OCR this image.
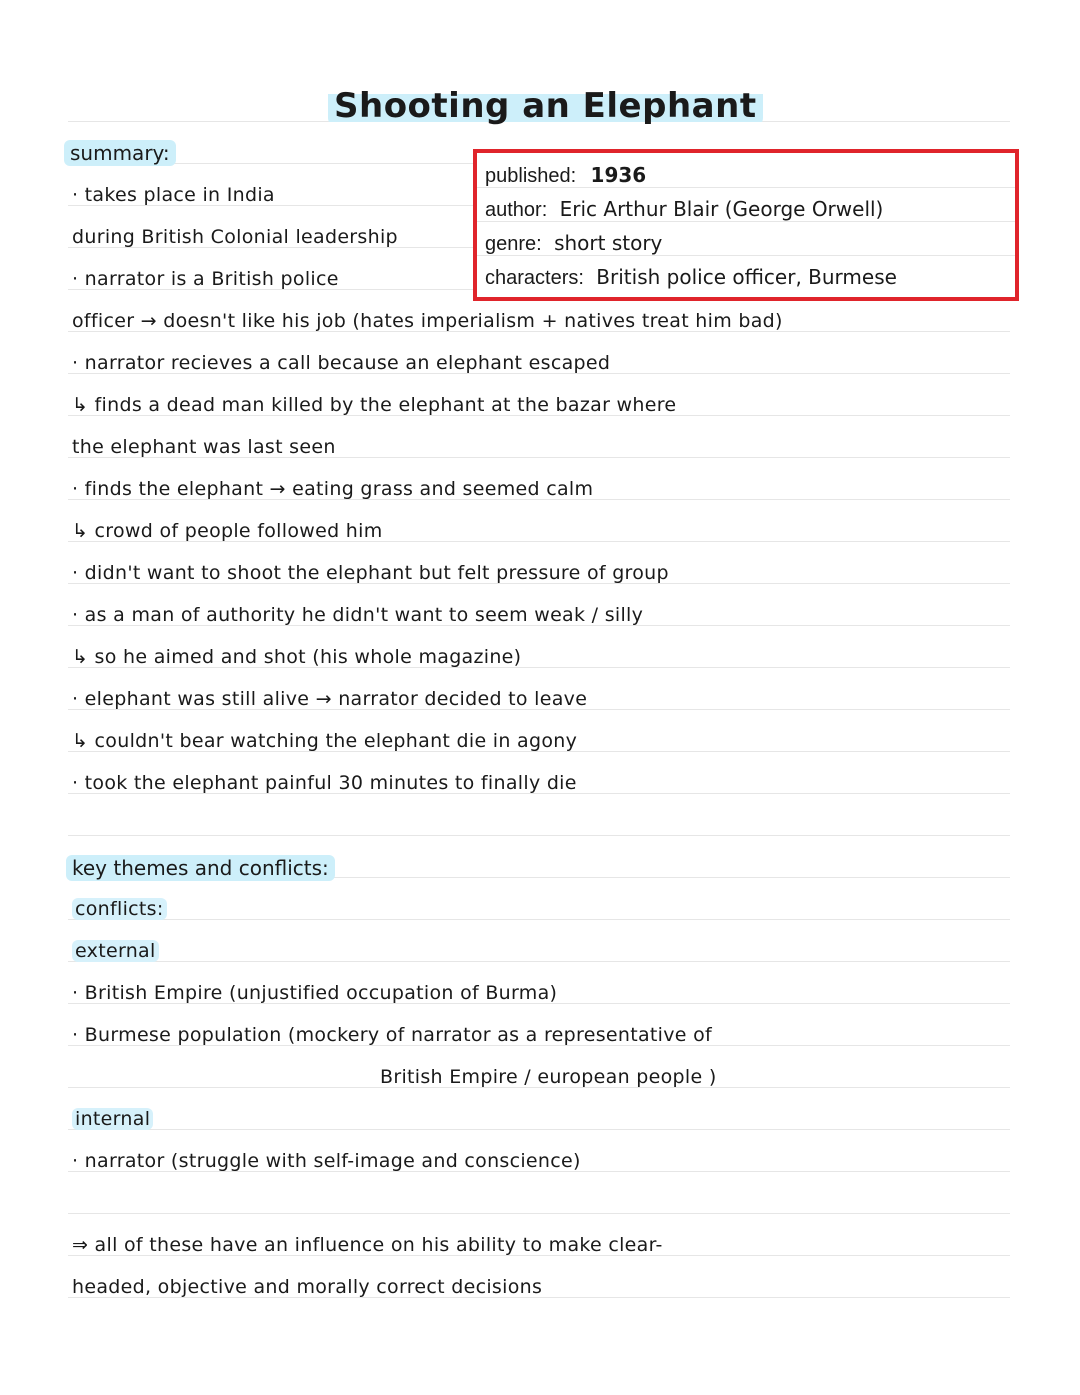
Shooting an Elephant
summary:
published: 1936
author: Eric Arthur Blair (George Orwell)
genre: short story
characters: British police officer, Burmese
· takes place in India
during British Colonial leadership
· narrator is a British police
officer → doesn't like his job (hates imperialism + natives treat him bad)
· narrator recieves a call because an elephant escaped
↳ finds a dead man killed by the elephant at the bazar where
the elephant was last seen
· finds the elephant → eating grass and seemed calm
↳ crowd of people followed him
· didn't want to shoot the elephant but felt pressure of group
· as a man of authority he didn't want to seem weak / silly
↳ so he aimed and shot (his whole magazine)
· elephant was still alive → narrator decided to leave
↳ couldn't bear watching the elephant die in agony
· took the elephant painful 30 minutes to finally die
key themes and conflicts:
conflicts:
external
· British Empire (unjustified occupation of Burma)
· Burmese population (mockery of narrator as a representative of
British Empire / european people )
internal
· narrator (struggle with self-image and conscience)
⇒ all of these have an influence on his ability to make clear-
headed, objective and morally correct decisions
